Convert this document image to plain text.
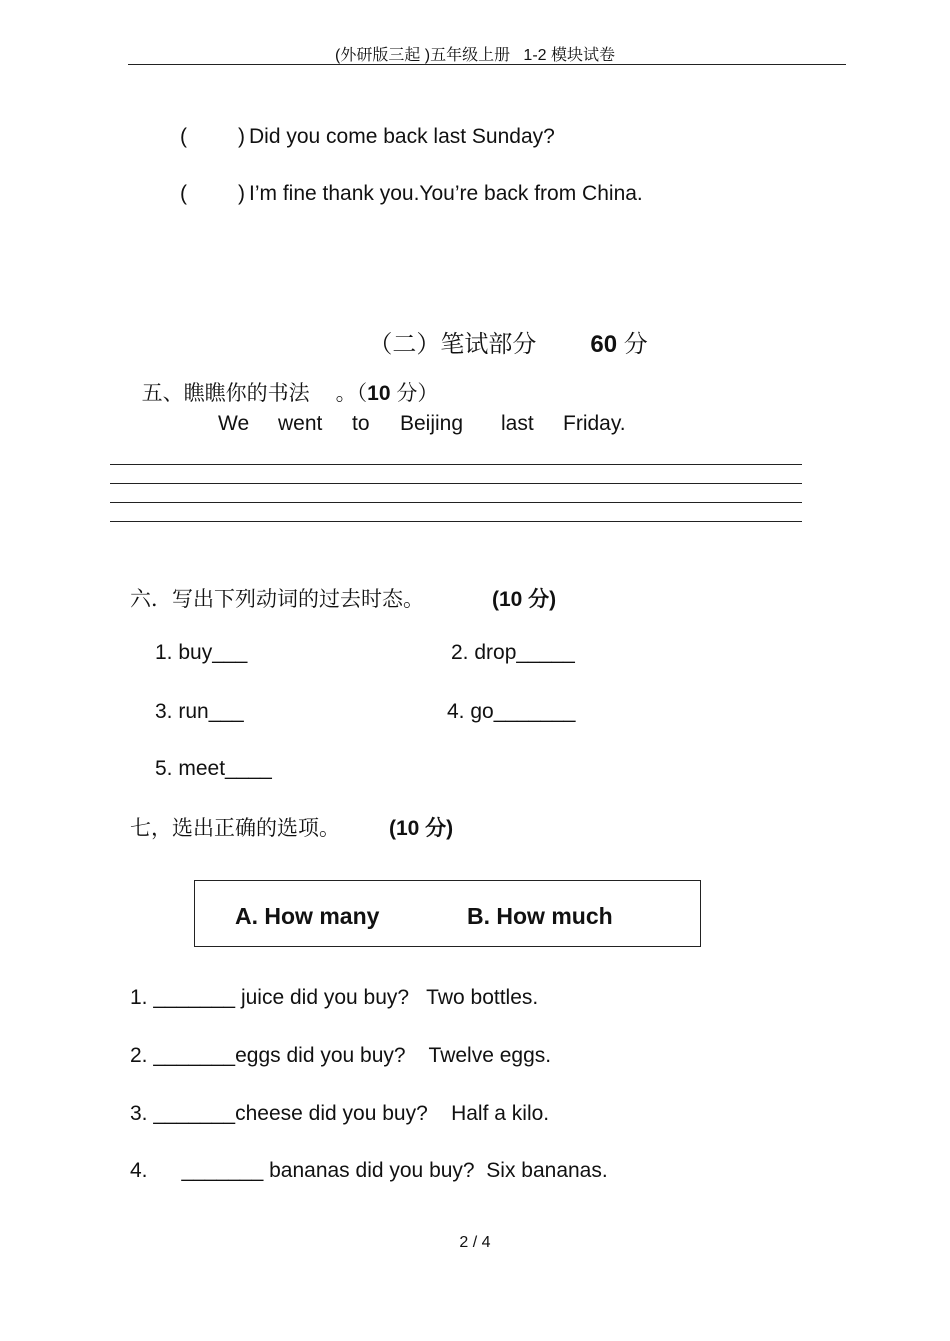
(外研版三起 )五年级上册   1-2 模块试卷
( ) Did you come back last Sunday?
( ) I’m fine thank you.You’re back from China.

（二）笔试部分 60 分

五、瞧瞧你的书法 。（10 分）

We went to Beijing last Friday.
六．写出下列动词的过去时态。	(10 分)
1. buy___	2. drop_____
3. run___	4. go_______
5. meet____
七，选出正确的选项。 (10 分)
A. How many	B. How much
1. _______ juice did you buy?   Two bottles.
2. _______eggs did you buy?    Twelve eggs.
3. _______cheese did you buy?    Half a kilo.
4. _______ bananas did you buy?  Six bananas.
2 / 4
